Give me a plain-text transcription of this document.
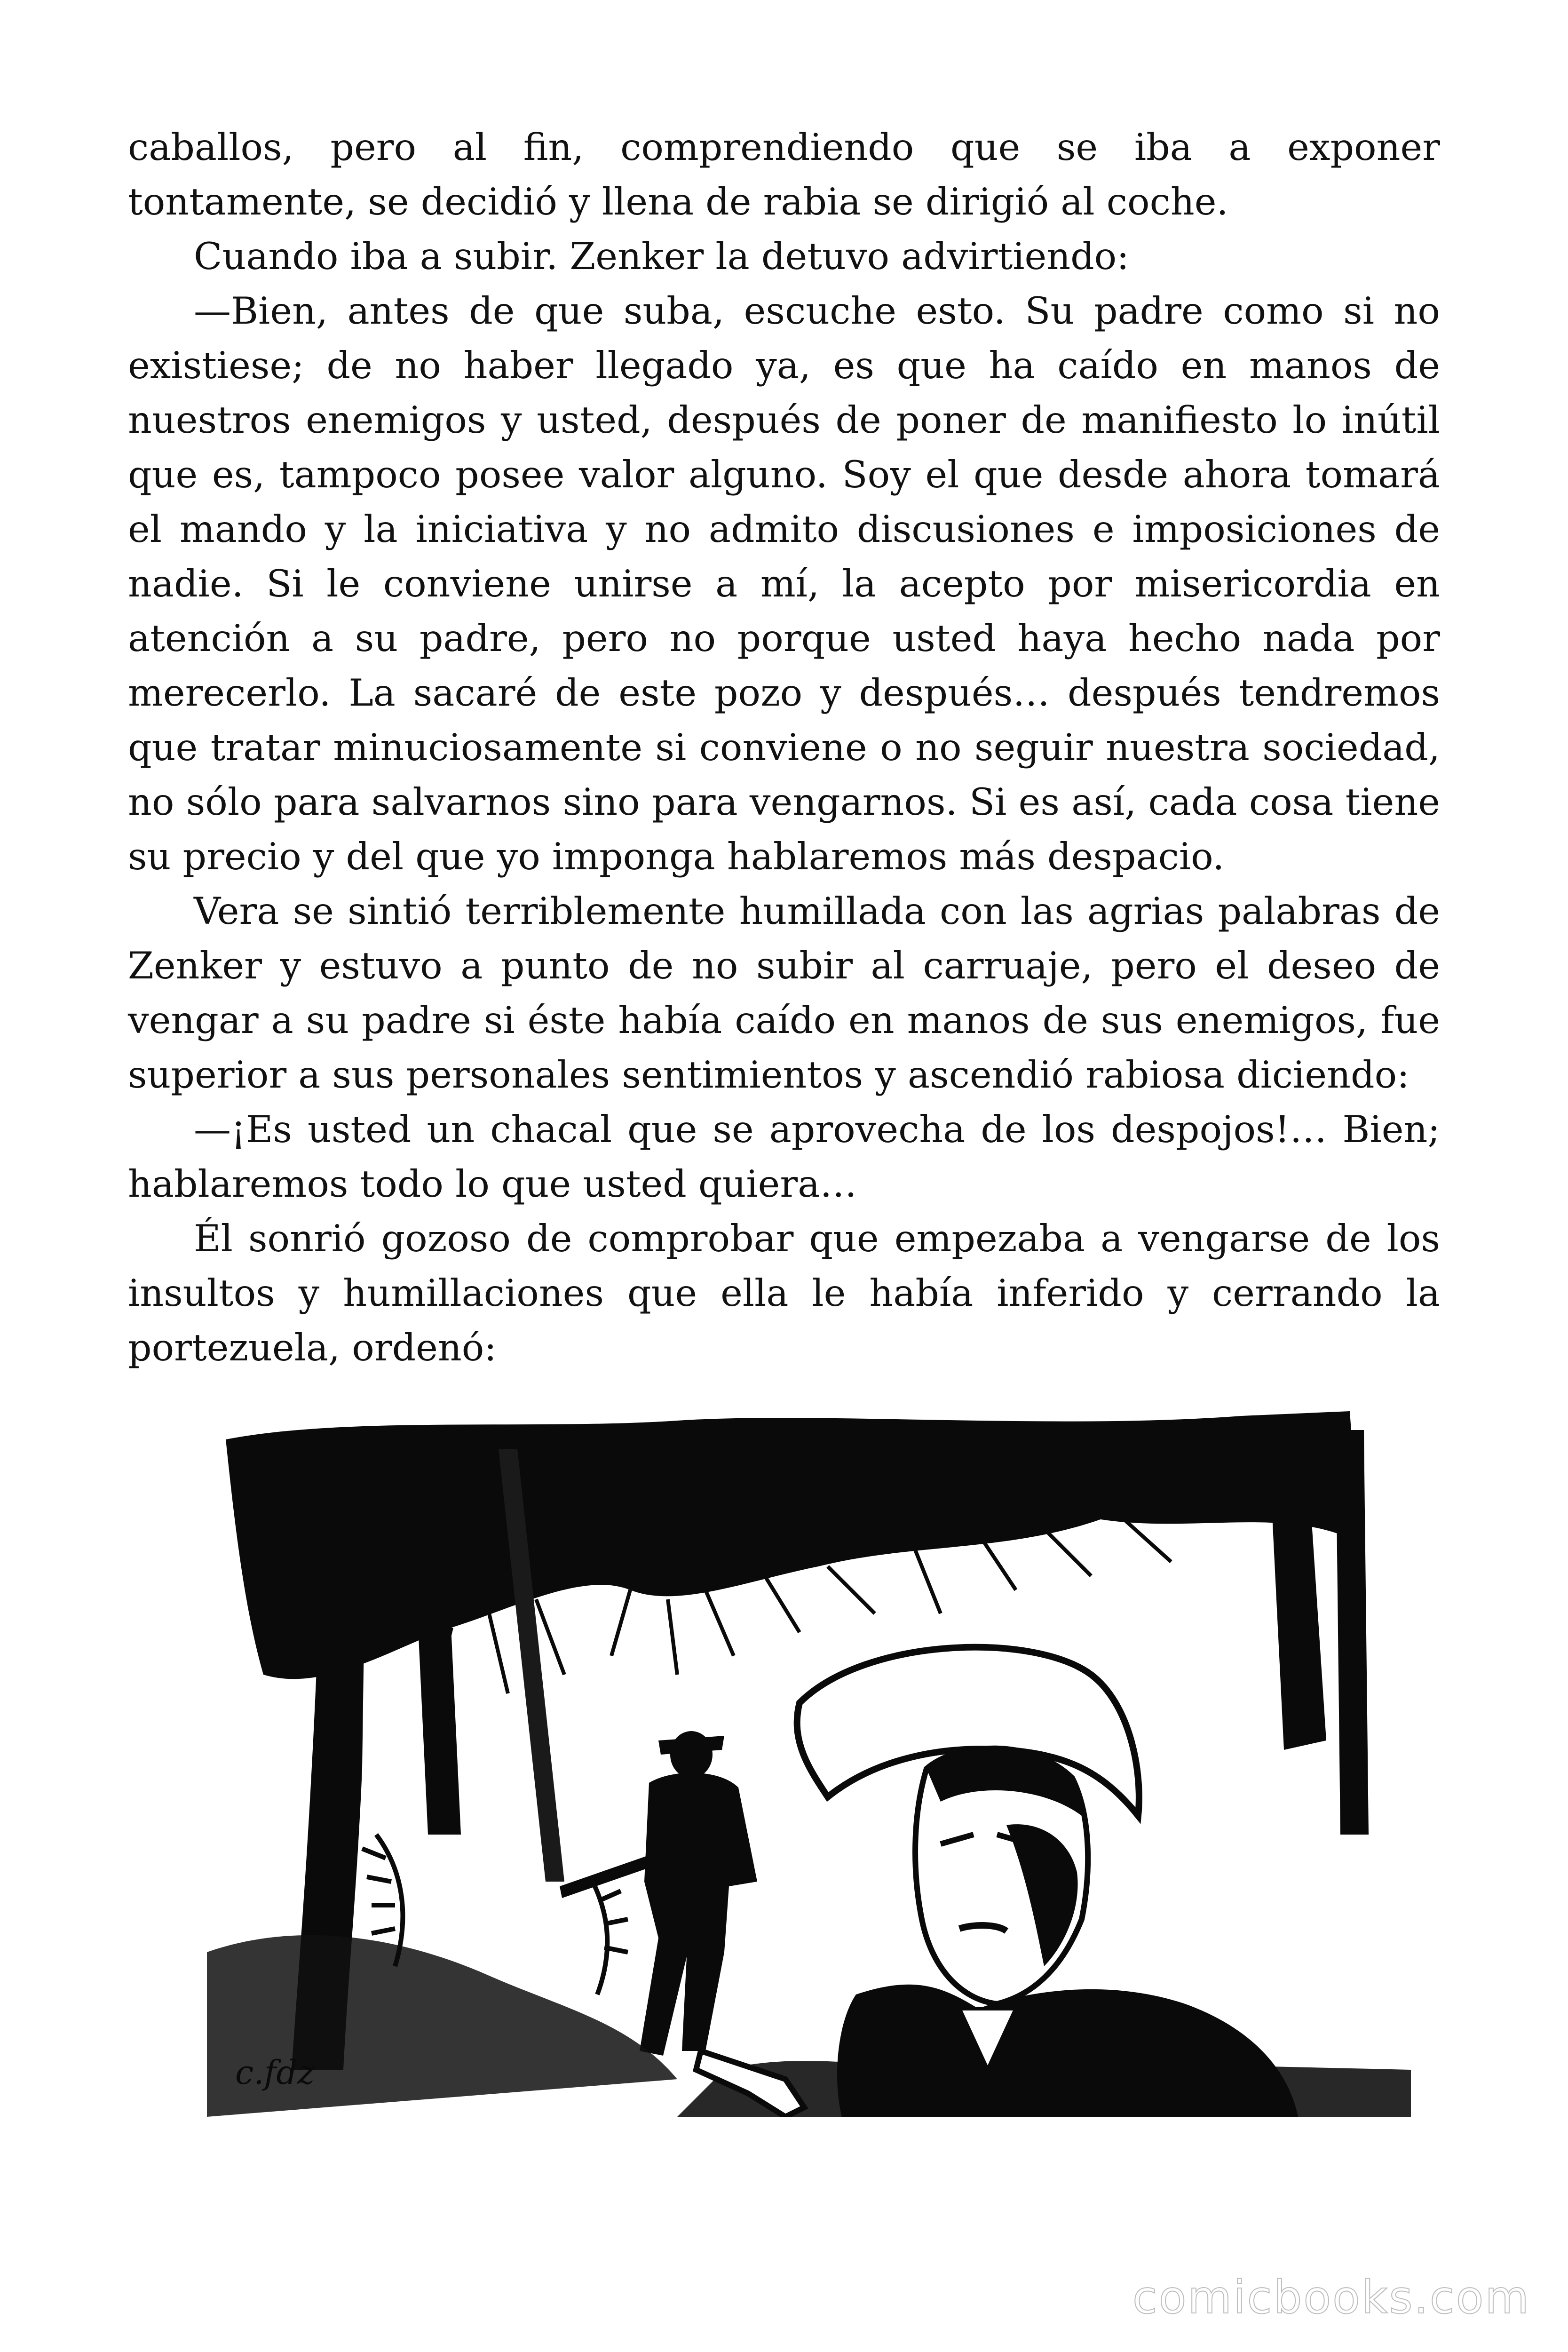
caballos, pero al fin, comprendiendo que se iba a exponer tontamente, se decidió y llena de rabia se dirigió al coche.

Cuando iba a subir. Zenker la detuvo advirtiendo:

—Bien, antes de que suba, escuche esto. Su padre como si no existiese; de no haber llegado ya, es que ha caído en manos de nuestros enemigos y usted, después de poner de manifiesto lo inútil que es, tampoco posee valor alguno. Soy el que desde ahora tomará el mando y la iniciativa y no admito discusiones e imposiciones de nadie. Si le conviene unirse a mí, la acepto por misericordia en atención a su padre, pero no porque usted haya hecho nada por merecerlo. La sacaré de este pozo y después… después tendremos que tratar minuciosamente si conviene o no seguir nuestra sociedad, no sólo para salvarnos sino para vengarnos. Si es así, cada cosa tiene su precio y del que yo imponga hablaremos más despacio.

Vera se sintió terriblemente humillada con las agrias palabras de Zenker y estuvo a punto de no subir al carruaje, pero el deseo de vengar a su padre si éste había caído en manos de sus enemigos, fue superior a sus personales sentimientos y ascendió rabiosa diciendo:

—¡Es usted un chacal que se aprovecha de los despojos!… Bien; hablaremos todo lo que usted quiera…

Él sonrió gozoso de comprobar que empezaba a vengarse de los insultos y humillaciones que ella le había inferido y cerrando la portezuela, ordenó:

c.fdz
comicbooks.com
